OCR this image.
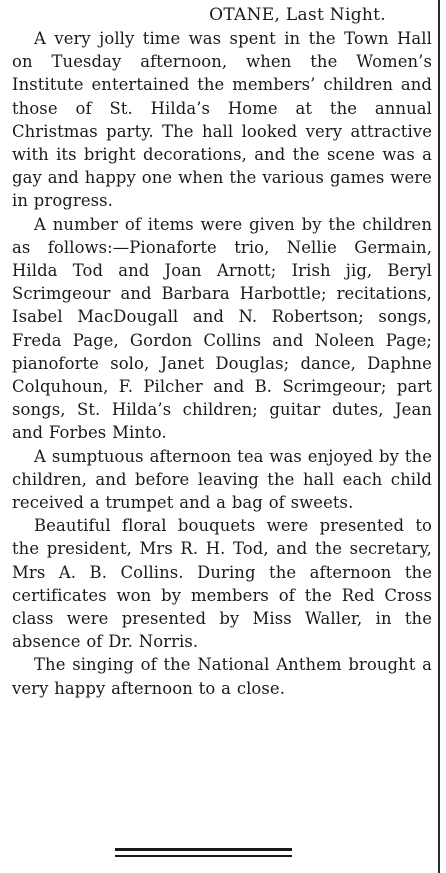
OTANE, Last Night.

A very jolly time was spent in the Town Hall on Tuesday afternoon, when the Women’s Institute entertained the members’ children and those of St. Hilda’s Home at the annual Christmas party. The hall looked very attractive with its bright decorations, and the scene was a gay and happy one when the various games were in progress.

A number of items were given by the children as follows:—Pionaforte trio, Nellie Germain, Hilda Tod and Joan Arnott; Irish jig, Beryl Scrimgeour and Barbara Harbottle; recitations, Isabel MacDougall and N. Robertson; songs, Freda Page, Gordon Collins and Noleen Page; pianoforte solo, Janet Douglas; dance, Daphne Colquhoun, F. Pilcher and B. Scrimgeour; part songs, St. Hilda’s children; guitar dutes, Jean and Forbes Minto.

A sumptuous afternoon tea was enjoyed by the children, and before leaving the hall each child received a trumpet and a bag of sweets.

Beautiful floral bouquets were presented to the president, Mrs R. H. Tod, and the secretary, Mrs A. B. Collins. During the afternoon the certificates won by members of the Red Cross class were presented by Miss Waller, in the absence of Dr. Norris.

The singing of the National Anthem brought a very happy afternoon to a close.
